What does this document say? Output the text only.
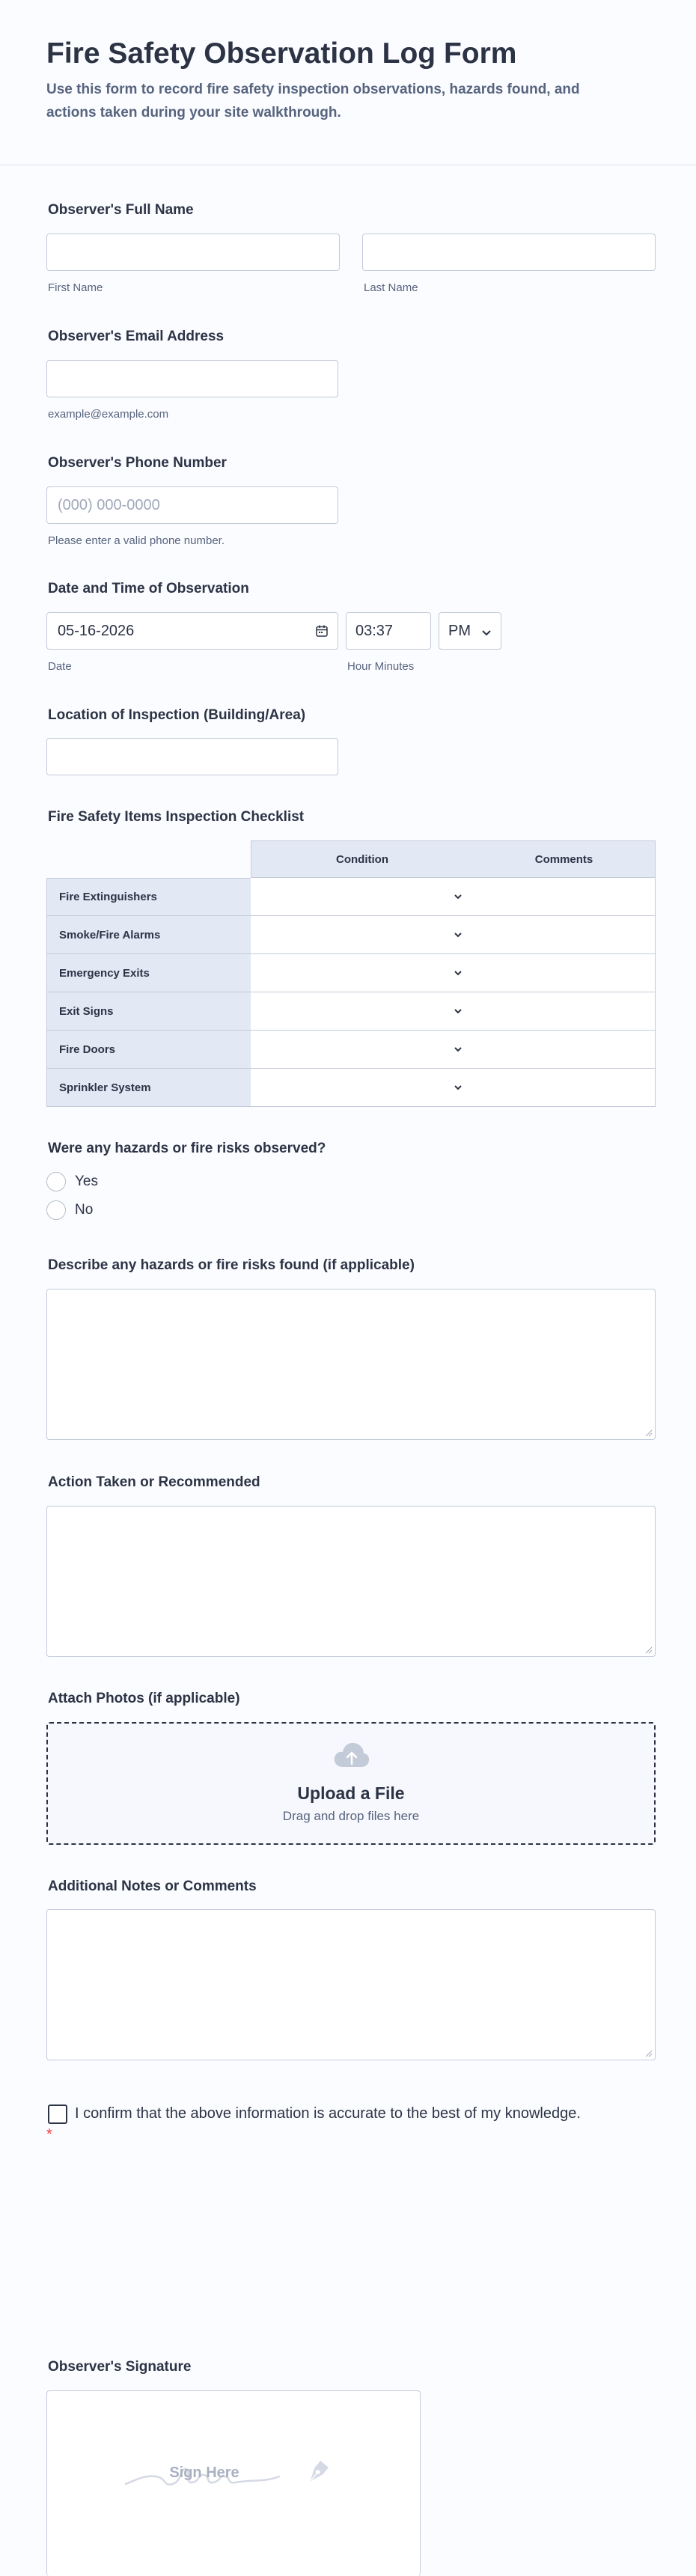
Fire Safety Observation Log Form
Use this form to record fire safety inspection observations, hazards found, and actions taken during your site walkthrough.
Observer's Full Name
First Name	Last Name
Observer's Email Address
example@example.com
Observer's Phone Number
(000) 000-0000
Please enter a valid phone number.
Date and Time of Observation
05-16-2026	03:37	PM
Date	Hour Minutes
Location of Inspection (Building/Area)
Fire Safety Items Inspection Checklist
Condition	Comments
Fire Extinguishers
Smoke/Fire Alarms
Emergency Exits
Exit Signs
Fire Doors
Sprinkler System
Were any hazards or fire risks observed?
Yes
No
Describe any hazards or fire risks found (if applicable)
Action Taken or Recommended
Attach Photos (if applicable)
Upload a File
Drag and drop files here
Additional Notes or Comments
I confirm that the above information is accurate to the best of my knowledge. *
Observer's Signature
Sign Here
